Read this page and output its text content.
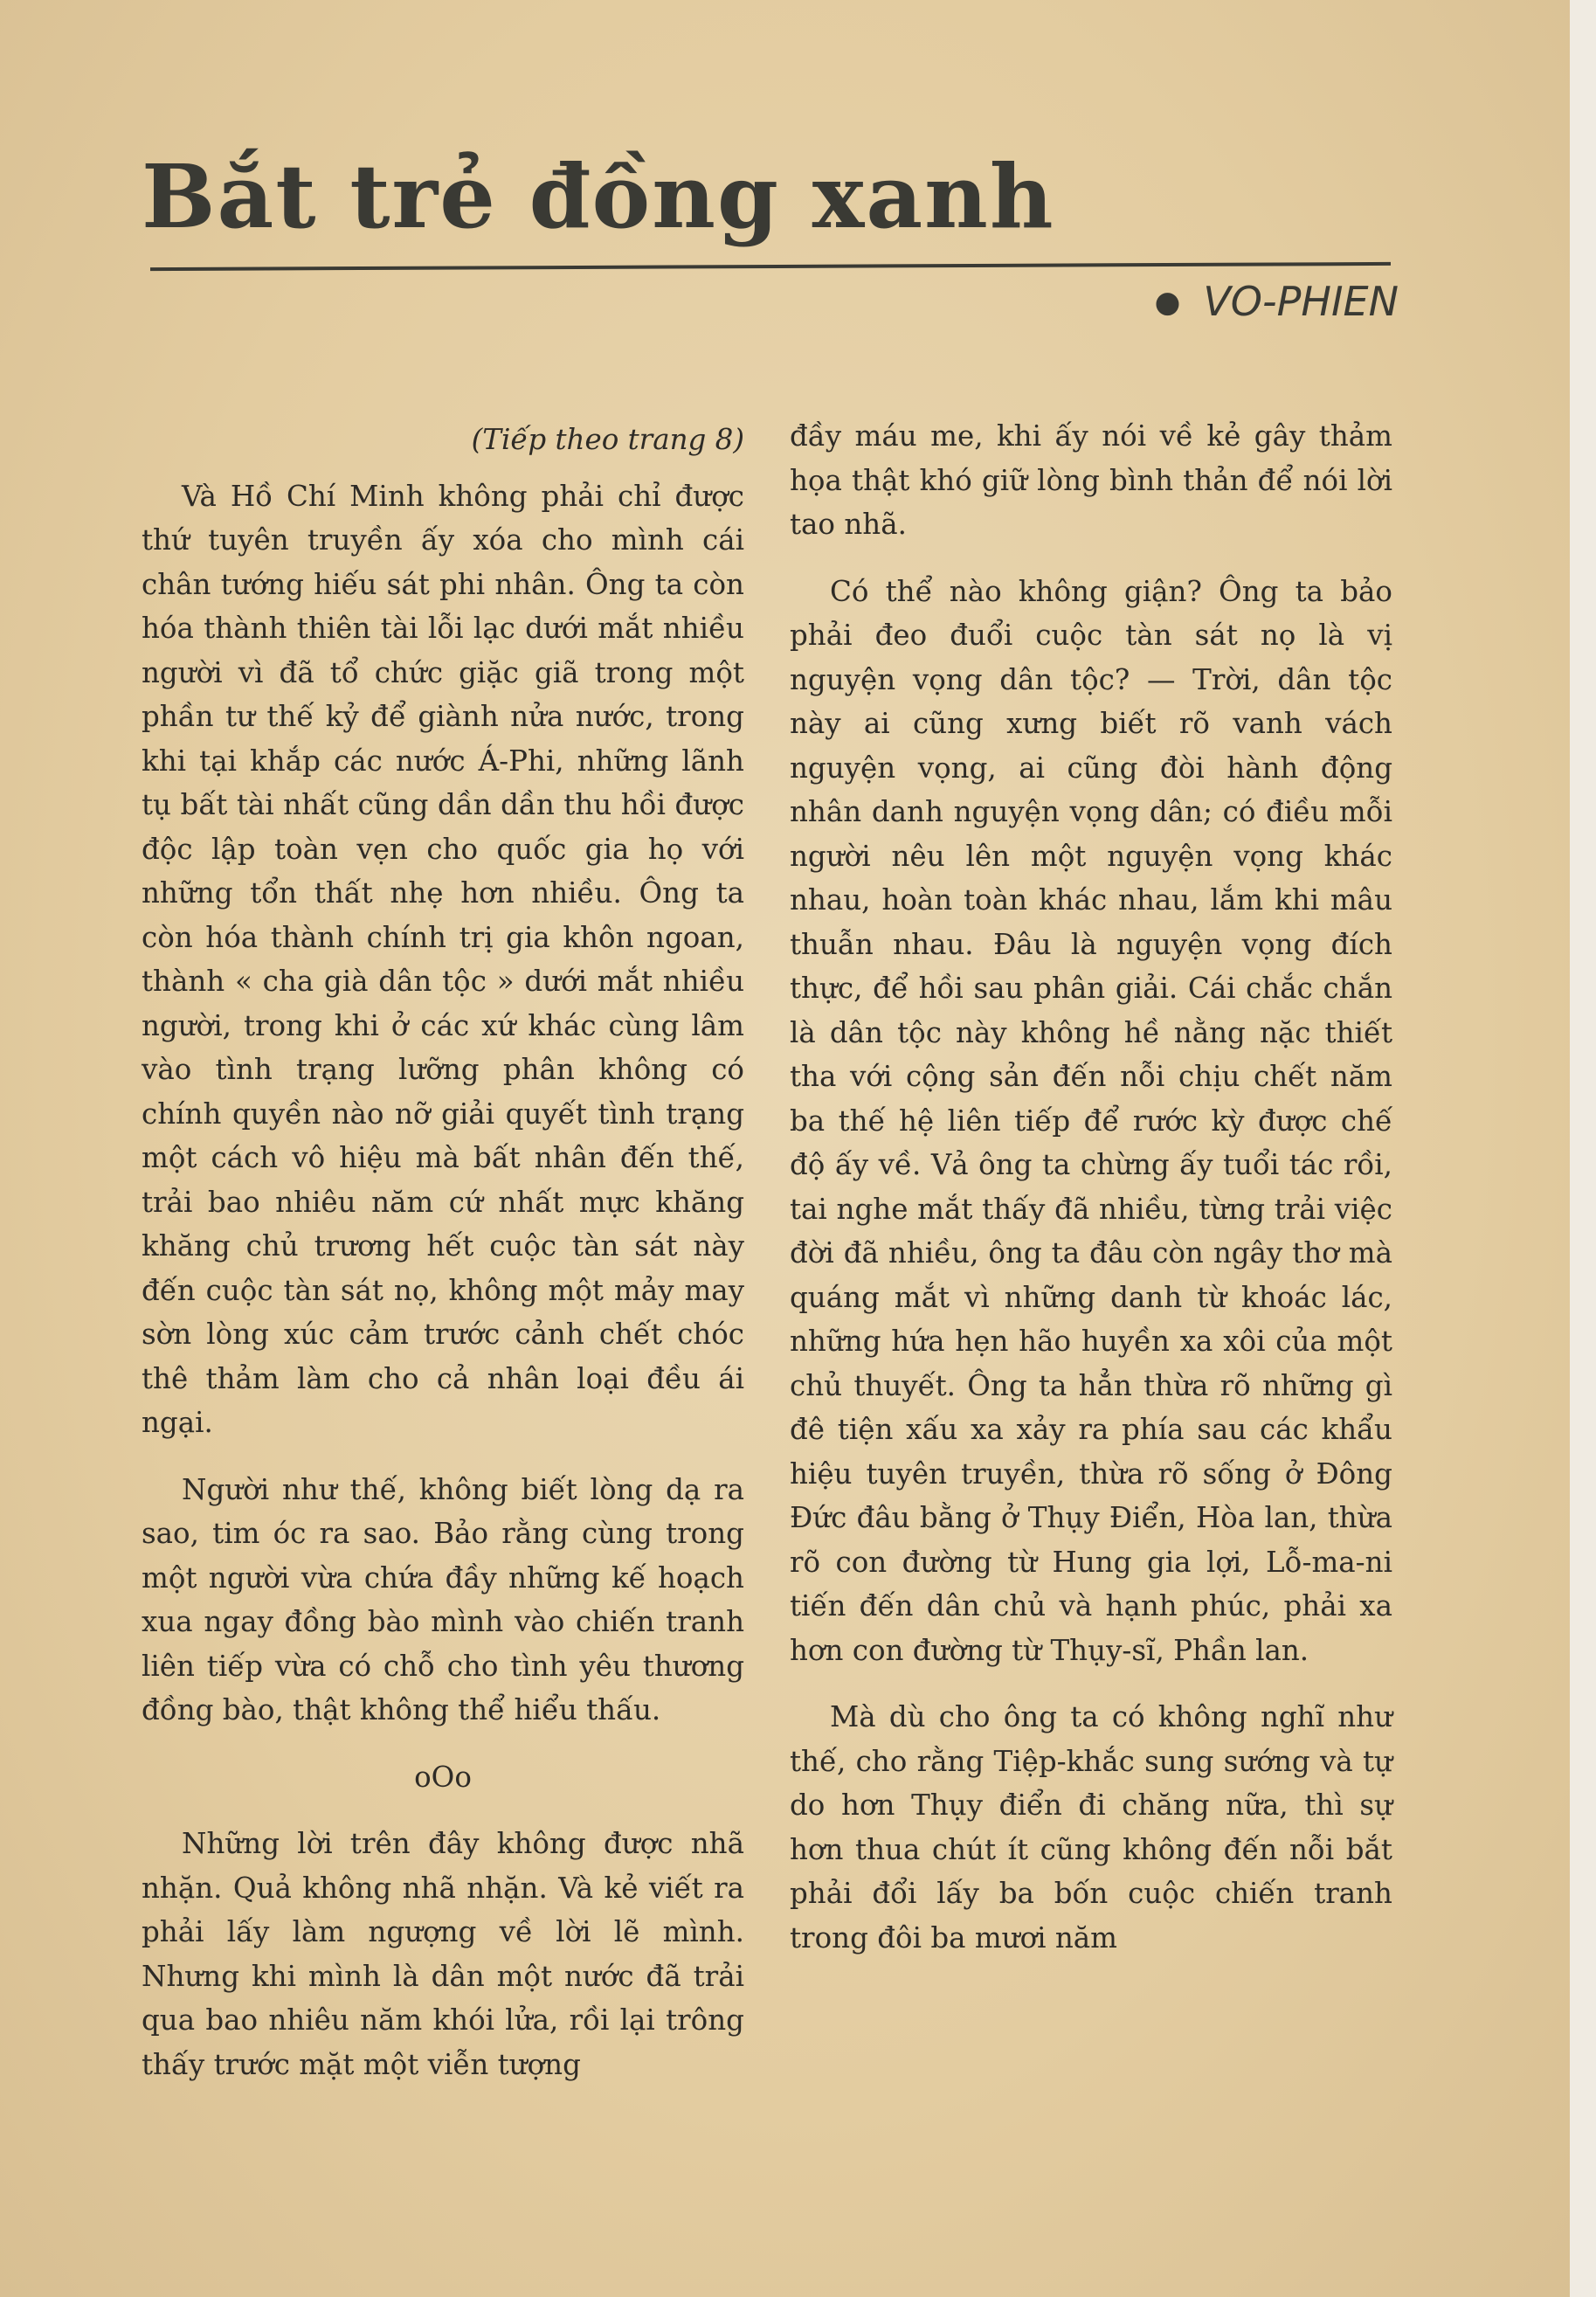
Bắt trẻ đồng xanh
● VO-PHIEN
(Tiếp theo trang 8)

Và Hồ Chí Minh không phải chỉ được thứ tuyên truyền ấy xóa cho mình cái chân tướng hiếu sát phi nhân. Ông ta còn hóa thành thiên tài lỗi lạc dưới mắt nhiều người vì đã tổ chức giặc giã trong một phần tư thế kỷ để giành nửa nước, trong khi tại khắp các nước Á-Phi, những lãnh tụ bất tài nhất cũng dần dần thu hồi được độc lập toàn vẹn cho quốc gia họ với những tổn thất nhẹ hơn nhiều. Ông ta còn hóa thành chính trị gia khôn ngoan, thành « cha già dân tộc » dưới mắt nhiều người, trong khi ở các xứ khác cùng lâm vào tình trạng lưỡng phân không có chính quyền nào nỡ giải quyết tình trạng một cách vô hiệu mà bất nhân đến thế, trải bao nhiêu năm cứ nhất mực khăng khăng chủ trương hết cuộc tàn sát này đến cuộc tàn sát nọ, không một mảy may sờn lòng xúc cảm trước cảnh chết chóc thê thảm làm cho cả nhân loại đều ái ngại.

Người như thế, không biết lòng dạ ra sao, tim óc ra sao. Bảo rằng cùng trong một người vừa chứa đầy những kế hoạch xua ngay đồng bào mình vào chiến tranh liên tiếp vừa có chỗ cho tình yêu thương đồng bào, thật không thể hiểu thấu.

oOo

Những lời trên đây không được nhã nhặn. Quả không nhã nhặn. Và kẻ viết ra phải lấy làm ngượng về lời lẽ mình. Nhưng khi mình là dân một nước đã trải qua bao nhiêu năm khói lửa, rồi lại trông thấy trước mặt một viễn tượng

đầy máu me, khi ấy nói về kẻ gây thảm họa thật khó giữ lòng bình thản để nói lời tao nhã.

Có thể nào không giận? Ông ta bảo phải đeo đuổi cuộc tàn sát nọ là vị nguyện vọng dân tộc? — Trời, dân tộc này ai cũng xưng biết rõ vanh vách nguyện vọng, ai cũng đòi hành động nhân danh nguyện vọng dân; có điều mỗi người nêu lên một nguyện vọng khác nhau, hoàn toàn khác nhau, lắm khi mâu thuẫn nhau. Đâu là nguyện vọng đích thực, để hồi sau phân giải. Cái chắc chắn là dân tộc này không hề nằng nặc thiết tha với cộng sản đến nỗi chịu chết năm ba thế hệ liên tiếp để rước kỳ được chế độ ấy về. Vả ông ta chừng ấy tuổi tác rồi, tai nghe mắt thấy đã nhiều, từng trải việc đời đã nhiều, ông ta đâu còn ngây thơ mà quáng mắt vì những danh từ khoác lác, những hứa hẹn hão huyền xa xôi của một chủ thuyết. Ông ta hẳn thừa rõ những gì đê tiện xấu xa xảy ra phía sau các khẩu hiệu tuyên truyền, thừa rõ sống ở Đông Đức đâu bằng ở Thụy Điển, Hòa lan, thừa rõ con đường từ Hung gia lợi, Lỗ-ma-ni tiến đến dân chủ và hạnh phúc, phải xa hơn con đường từ Thụy-sĩ, Phần lan.

Mà dù cho ông ta có không nghĩ như thế, cho rằng Tiệp-khắc sung sướng và tự do hơn Thụy điển đi chăng nữa, thì sự hơn thua chút ít cũng không đến nỗi bắt phải đổi lấy ba bốn cuộc chiến tranh trong đôi ba mươi năm
